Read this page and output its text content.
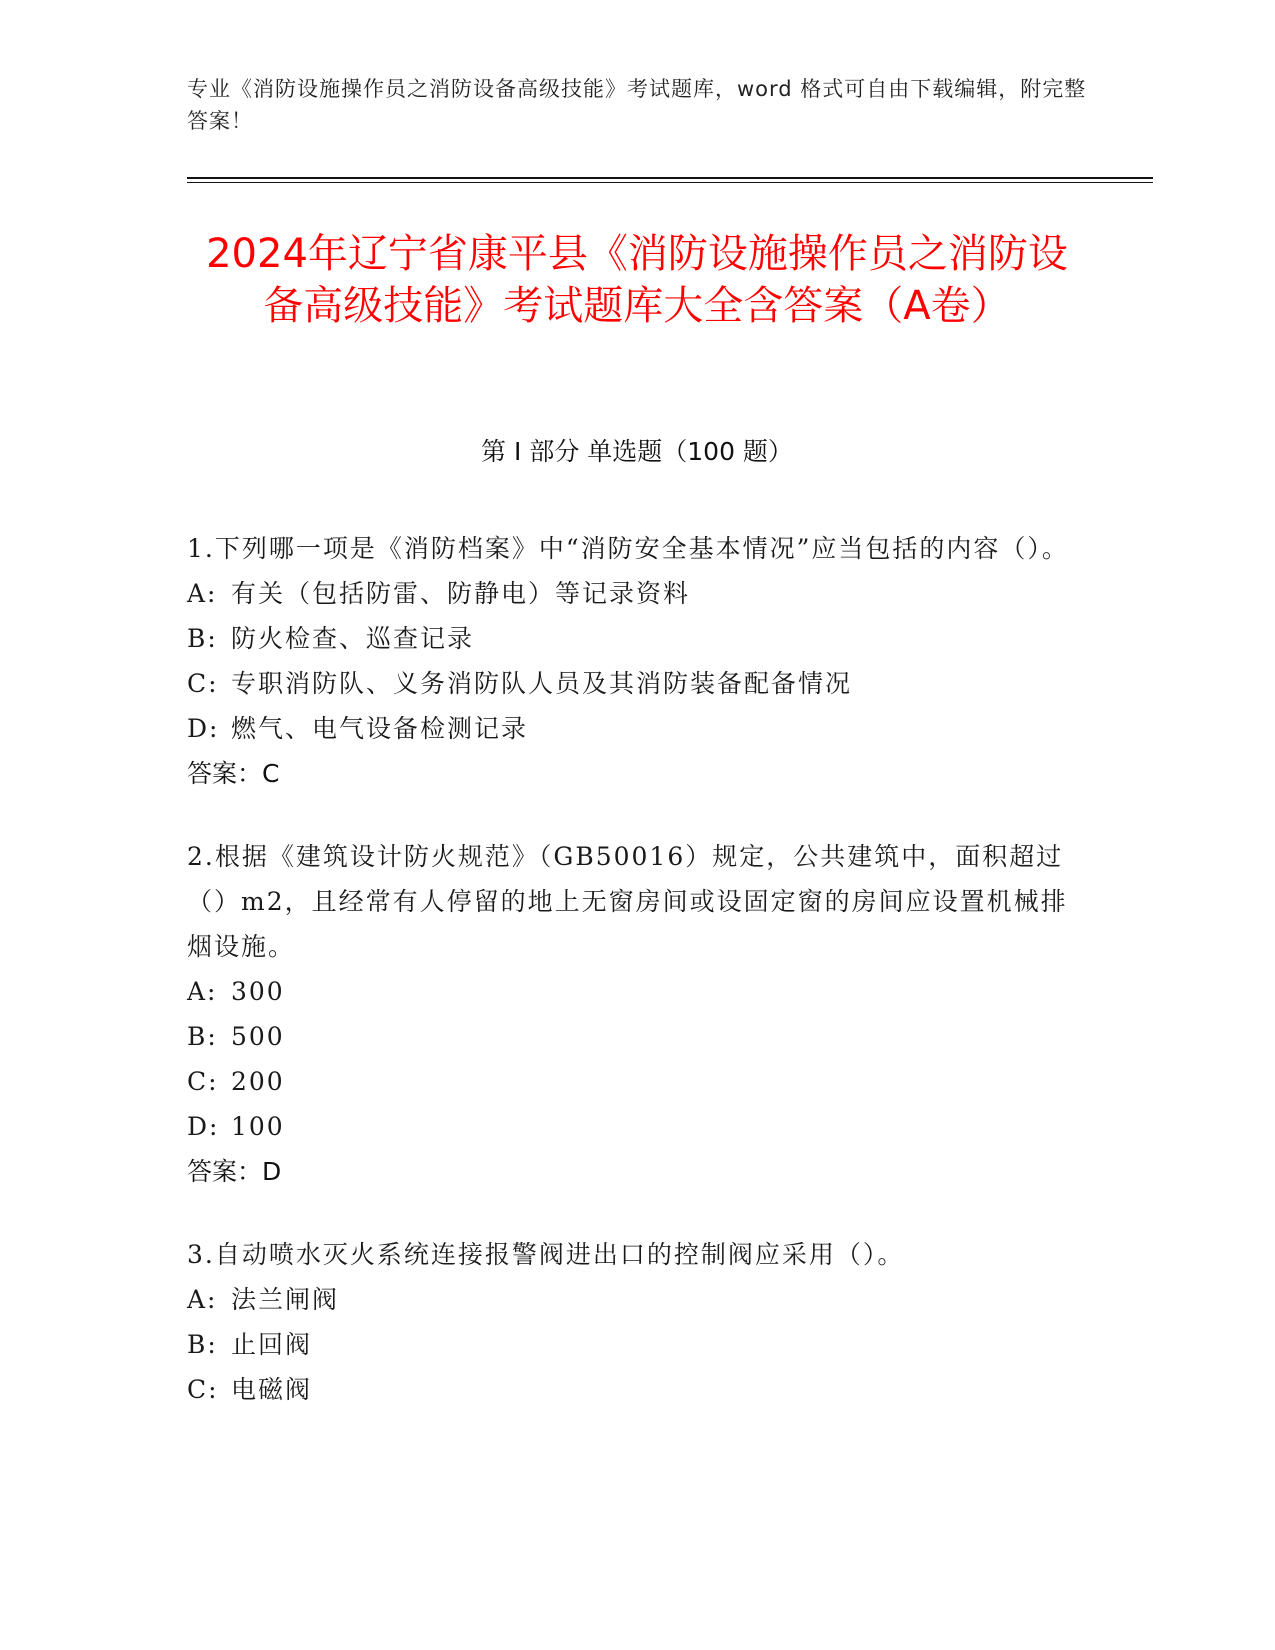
专业《消防设施操作员之消防设备高级技能》考试题库，word 格式可自由下载编辑，附完整答案！
2024年辽宁省康平县《消防设施操作员之消防设备高级技能》考试题库大全含答案（A卷）
第 I 部分 单选题（100 题）
1.下列哪一项是《消防档案》中“消防安全基本情况”应当包括的内容（）。
A: 有关（包括防雷、防静电）等记录资料
B: 防火检查、巡查记录
C: 专职消防队、义务消防队人员及其消防装备配备情况
D: 燃气、电气设备检测记录
答案：C
2.根据《建筑设计防火规范》（GB50016）规定，公共建筑中，面积超过（）m2，且经常有人停留的地上无窗房间或设固定窗的房间应设置机械排烟设施。
A: 300
B: 500
C: 200
D: 100
答案：D
3.自动喷水灭火系统连接报警阀进出口的控制阀应采用（）。
A: 法兰闸阀
B: 止回阀
C: 电磁阀
